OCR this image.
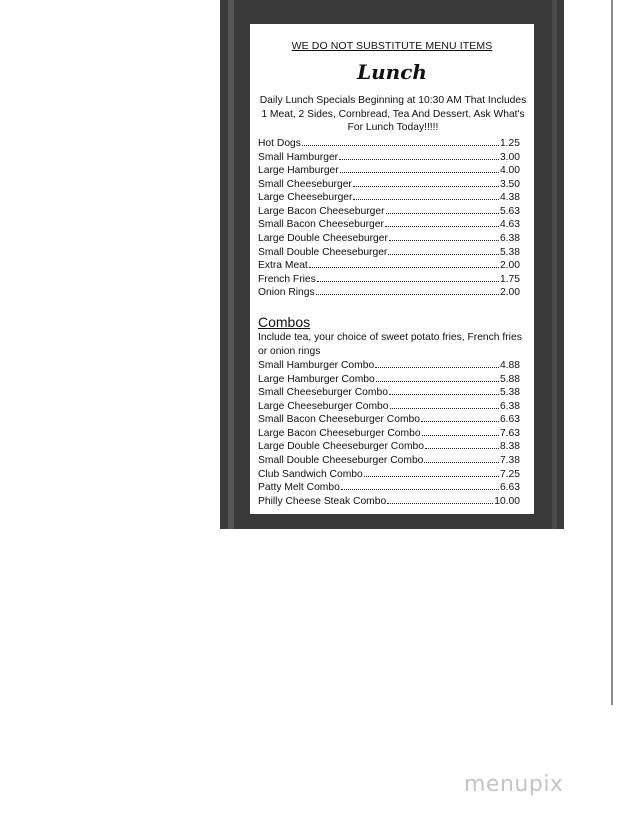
WE DO NOT SUBSTITUTE MENU ITEMS
Lunch
Daily Lunch Specials Beginning at 10:30 AM That Includes 1 Meat, 2 Sides, Cornbread, Tea And Dessert. Ask What's For Lunch Today!!!!!
Hot Dogs	1.25
Small Hamburger	3.00
Large Hamburger	4.00
Small Cheeseburger	3.50
Large Cheeseburger	4.38
Large Bacon Cheeseburger	5.63
Small Bacon Cheeseburger	4.63
Large Double Cheeseburger	6.38
Small Double Cheeseburger	5.38
Extra Meat	2.00
French Fries	1.75
Onion Rings	2.00
Combos
Include tea, your choice of sweet potato fries, French fries or onion rings
Small Hamburger Combo	4.88
Large Hamburger Combo	5.88
Small Cheeseburger Combo	5.38
Large Cheeseburger Combo	6.38
Small Bacon Cheeseburger Combo	6.63
Large Bacon Cheeseburger Combo	7.63
Large Double Cheeseburger Combo	8.38
Small Double Cheeseburger Combo	7.38
Club Sandwich Combo	7.25
Patty Melt Combo	6.63
Philly Cheese Steak Combo	10.00
menupix
